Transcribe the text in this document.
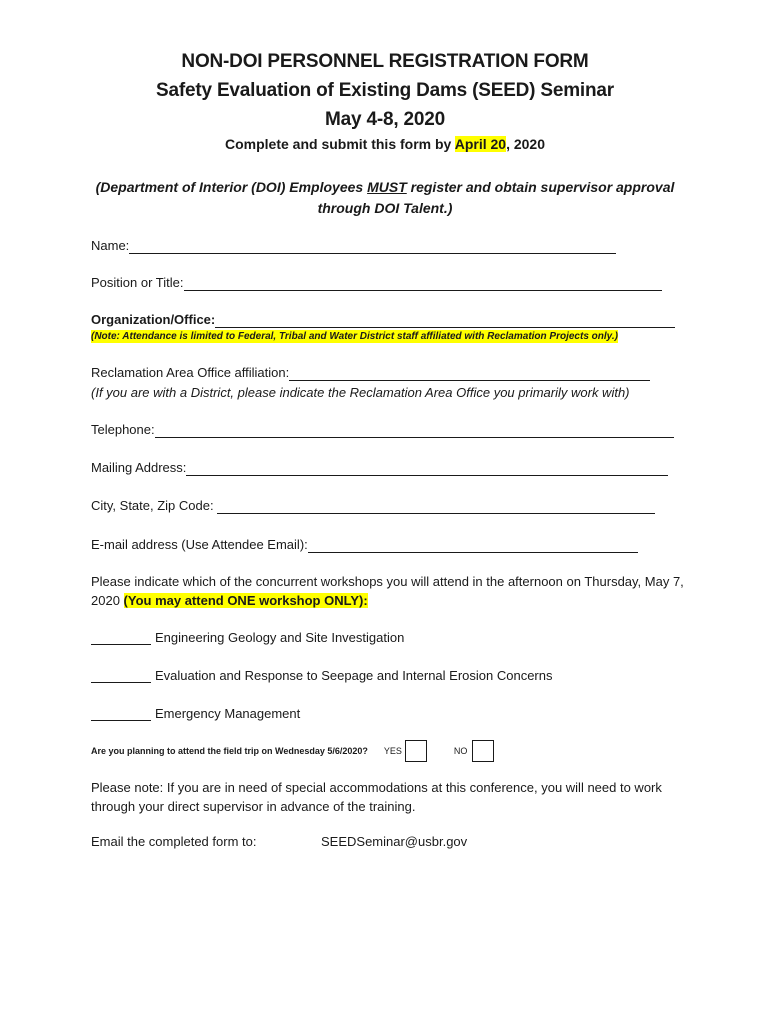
NON-DOI PERSONNEL REGISTRATION FORM
Safety Evaluation of Existing Dams (SEED) Seminar
May 4-8, 2020
Complete and submit this form by April 20, 2020
(Department of Interior (DOI) Employees MUST register and obtain supervisor approval through DOI Talent.)
Name:
Position or Title:
Organization/Office:
(Note: Attendance is limited to Federal, Tribal and Water District staff affiliated with Reclamation Projects only.)
Reclamation Area Office affiliation:
(If you are with a District, please indicate the Reclamation Area Office you primarily work with)
Telephone:
Mailing Address:
City, State, Zip Code:
E-mail address (Use Attendee Email):
Please indicate which of the concurrent workshops you will attend in the afternoon on Thursday, May 7, 2020 (You may attend ONE workshop ONLY):
Engineering Geology and Site Investigation
Evaluation and Response to Seepage and Internal Erosion Concerns
Emergency Management
Are you planning to attend the field trip on Wednesday 5/6/2020? YES	NO
Please note: If you are in need of special accommodations at this conference, you will need to work through your direct supervisor in advance of the training.
Email the completed form to:	SEEDSeminar@usbr.gov
